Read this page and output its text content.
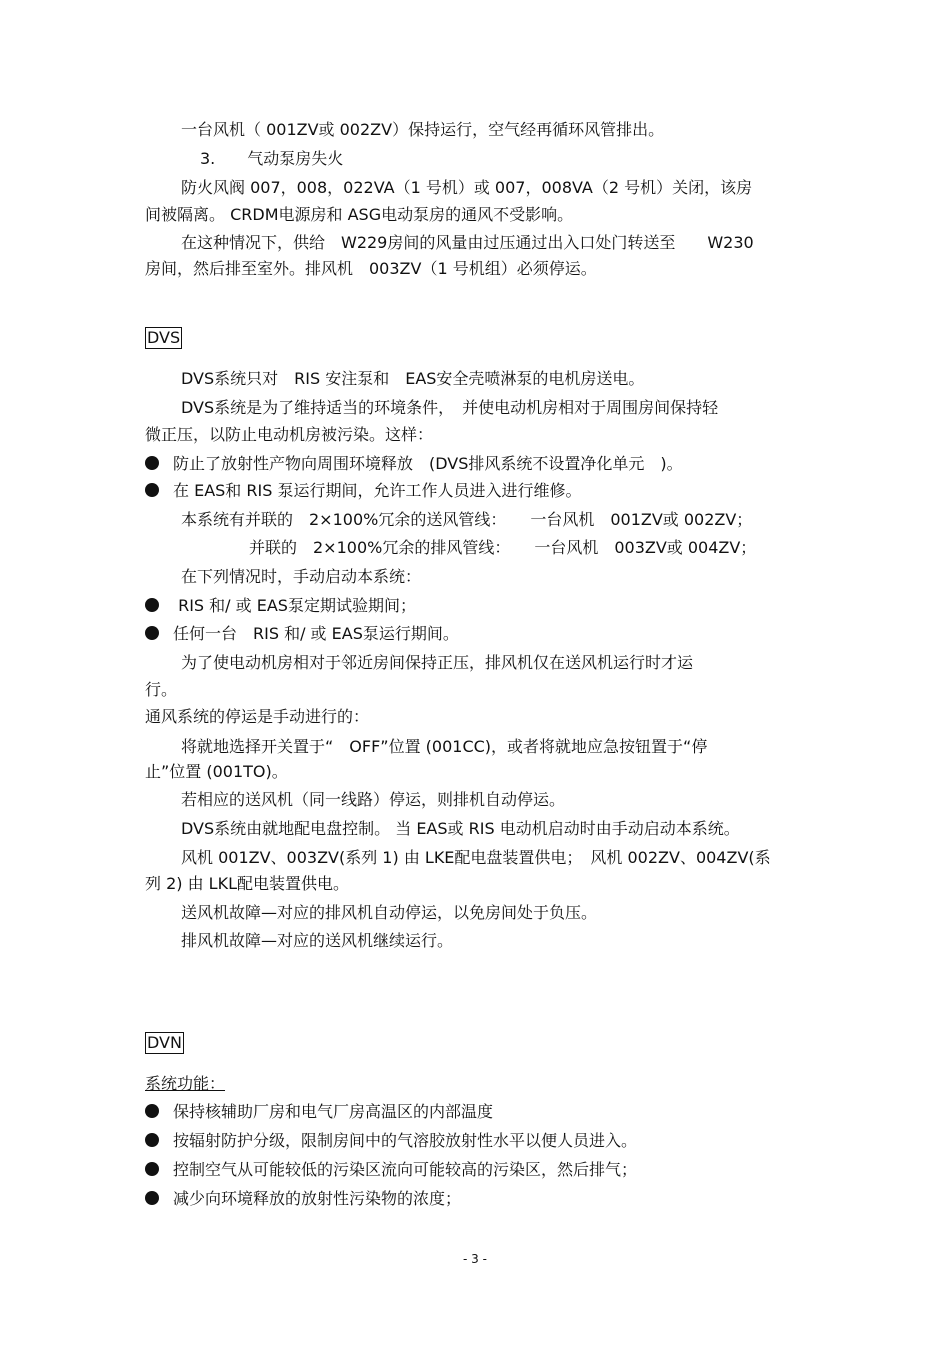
一台风机（ 001ZV或 002ZV）保持运行，空气经再循环风管排出。
3.　　气动泵房失火
防火风阀 007，008，022VA（1 号机）或 007，008VA（2 号机）关闭，该房
间被隔离。 CRDM电源房和 ASG电动泵房的通风不受影响。
在这种情况下，供给　W229房间的风量由过压通过出入口处门转送至　　W230
房间，然后排至室外。排风机　003ZV（1 号机组）必须停运。
DVS
DVS系统只对　RIS 安注泵和　EAS安全壳喷淋泵的电机房送电。
DVS系统是为了维持适当的环境条件，　并使电动机房相对于周围房间保持轻
微正压，以防止电动机房被污染。这样：
防止了放射性产物向周围环境释放　(DVS排风系统不设置净化单元　)。
在 EAS和 RIS 泵运行期间，允许工作人员进入进行维修。
本系统有并联的　2×100%冗余的送风管线：　　一台风机　001ZV或 002ZV；
并联的　2×100%冗余的排风管线：　　一台风机　003ZV或 004ZV；
在下列情况时，手动启动本系统：
RIS 和/ 或 EAS泵定期试验期间；
任何一台　RIS 和/ 或 EAS泵运行期间。
为了使电动机房相对于邻近房间保持正压，排风机仅在送风机运行时才运
行。
通风系统的停运是手动进行的：
将就地选择开关置于“　OFF”位置 (001CC)，或者将就地应急按钮置于“停
止”位置 (001TO)。
若相应的送风机（同一线路）停运，则排机自动停运。
DVS系统由就地配电盘控制。 当 EAS或 RIS 电动机启动时由手动启动本系统。
风机 001ZV、003ZV(系列 1) 由 LKE配电盘装置供电；　风机 002ZV、004ZV(系
列 2) 由 LKL配电装置供电。
送风机故障—对应的排风机自动停运，以免房间处于负压。
排风机故障—对应的送风机继续运行。
DVN
系统功能：
保持核辅助厂房和电气厂房高温区的内部温度
按辐射防护分级，限制房间中的气溶胶放射性水平以便人员进入。
控制空气从可能较低的污染区流向可能较高的污染区，然后排气；
减少向环境释放的放射性污染物的浓度；
- 3 -
